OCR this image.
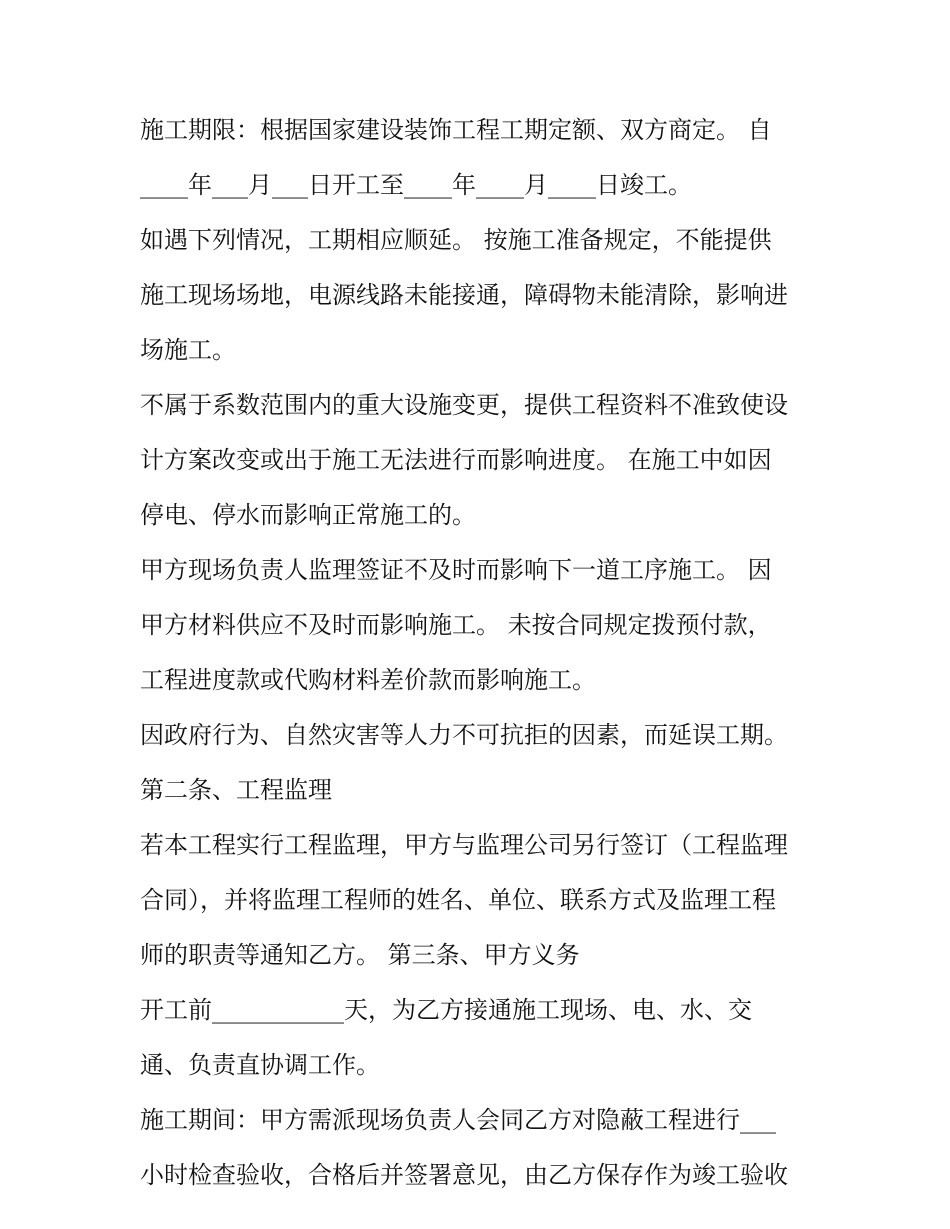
施工期限：根据国家建设装饰工程工期定额、双方商定。 自
____年___月___日开工至____年____月____日竣工。
如遇下列情况，工期相应顺延。 按施工准备规定，不能提供
施工现场场地，电源线路未能接通，障碍物未能清除，影响进
场施工。
不属于系数范围内的重大设施变更，提供工程资料不准致使设
计方案改变或出于施工无法进行而影响进度。 在施工中如因
停电、停水而影响正常施工的。
甲方现场负责人监理签证不及时而影响下一道工序施工。 因
甲方材料供应不及时而影响施工。 未按合同规定拨预付款，
工程进度款或代购材料差价款而影响施工。
因政府行为、自然灾害等人力不可抗拒的因素，而延误工期。
第二条、工程监理
若本工程实行工程监理，甲方与监理公司另行签订（工程监理
合同），并将监理工程师的姓名、单位、联系方式及监理工程
师的职责等通知乙方。 第三条、甲方义务
开工前___________天，为乙方接通施工现场、电、水、交
通、负责直协调工作。
施工期间：甲方需派现场负责人会同乙方对隐蔽工程进行___
小时检查验收，合格后并签署意见，由乙方保存作为竣工验收
